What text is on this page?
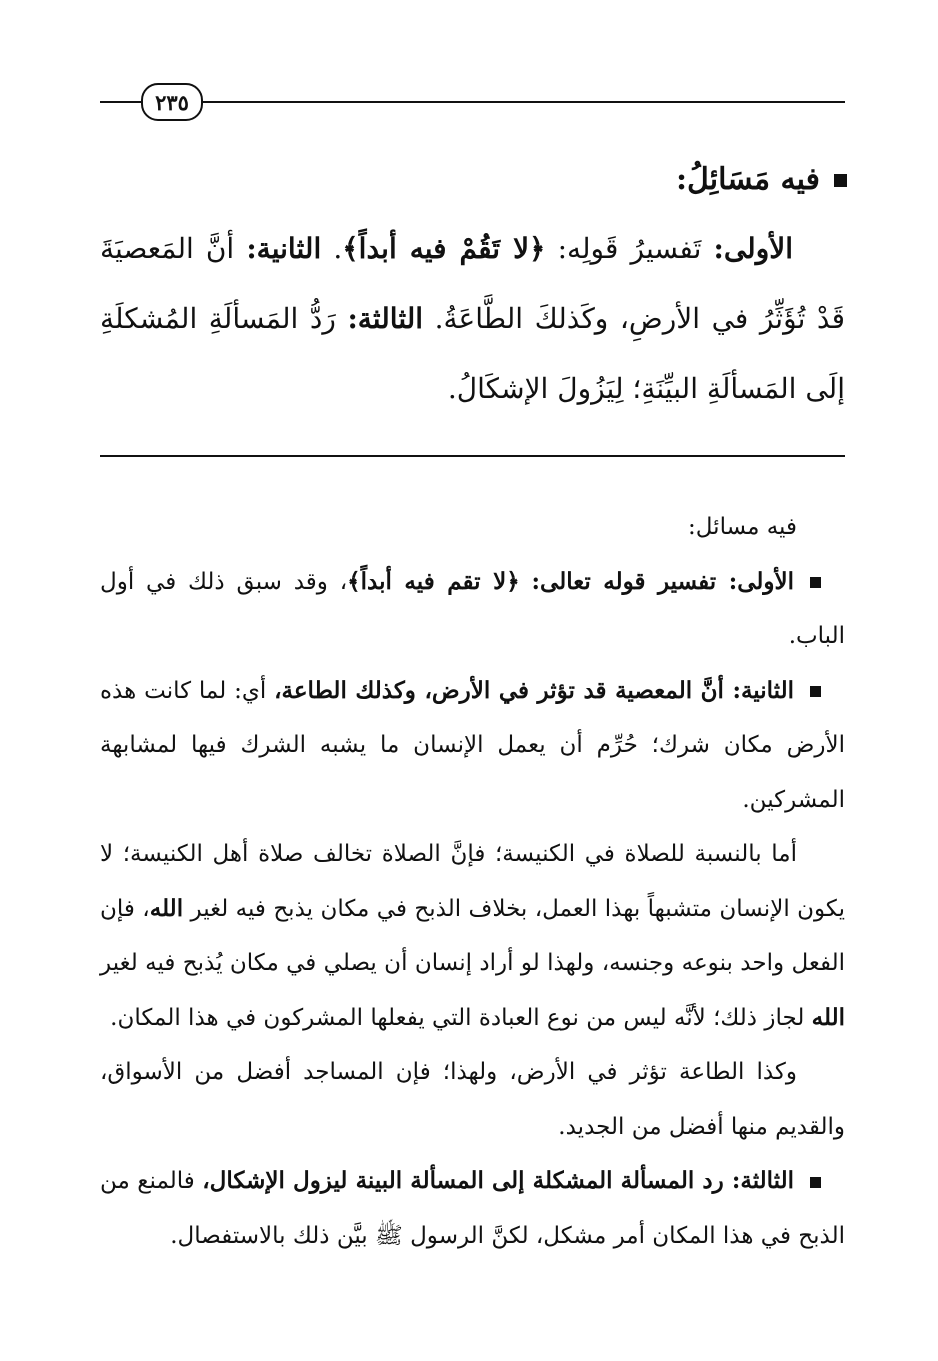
٢٣٥
فيه مَسَائِلُ:
الأولى: تَفسيرُ قَولِه: ﴿لا تَقُمْ فيه أبداً﴾. الثانية: أنَّ المَعصيَةَ قَدْ تُؤَثِّرُ في الأرضِ، وكَذلكَ الطَّاعَةُ. الثالثة: رَدُّ المَسألَةِ المُشكلَةِ إلَى المَسألَةِ البيِّنَةِ؛ لِيَزُولَ الإشكَالُ.

فيه مسائل:

الأولى: تفسير قوله تعالى: ﴿لا تقم فيه أبداً﴾، وقد سبق ذلك في أول الباب.

الثانية: أنَّ المعصية قد تؤثر في الأرض، وكذلك الطاعة، أي: لما كانت هذه الأرض مكان شرك؛ حُرِّم أن يعمل الإنسان ما يشبه الشرك فيها لمشابهة المشركين.

أما بالنسبة للصلاة في الكنيسة؛ فإنَّ الصلاة تخالف صلاة أهل الكنيسة؛ لا يكون الإنسان متشبهاً بهذا العمل، بخلاف الذبح في مكان يذبح فيه لغير الله، فإن الفعل واحد بنوعه وجنسه، ولهذا لو أراد إنسان أن يصلي في مكان يُذبح فيه لغير الله لجاز ذلك؛ لأنَّه ليس من نوع العبادة التي يفعلها المشركون في هذا المكان.

وكذا الطاعة تؤثر في الأرض، ولهذا؛ فإن المساجد أفضل من الأسواق، والقديم منها أفضل من الجديد.

الثالثة: رد المسألة المشكلة إلى المسألة البينة ليزول الإشكال، فالمنع من الذبح في هذا المكان أمر مشكل، لكنَّ الرسول ﷺ بيَّن ذلك بالاستفصال.
